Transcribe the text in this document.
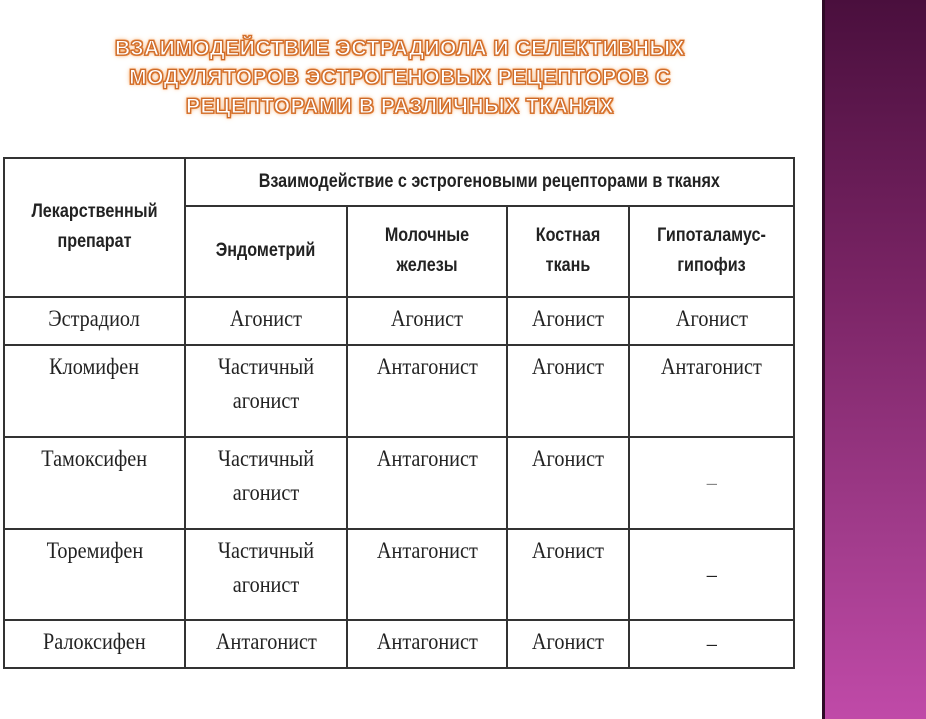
ВЗАИМОДЕЙСТВИЕ ЭСТРАДИОЛА И СЕЛЕКТИВНЫХ
МОДУЛЯТОРОВ ЭСТРОГЕНОВЫХ РЕЦЕПТОРОВ С
РЕЦЕПТОРАМИ В РАЗЛИЧНЫХ ТКАНЯХ
Лекарственный препарат	Взаимодействие с эстрогеновыми рецепторами в тканях			
	Эндометрий	Молочные железы	Костная ткань	Гипоталамус-гипофиз
Эстрадиол	Агонист	Агонист	Агонист	Агонист
Кломифен	Частичный агонист	Антагонист	Агонист	Антагонист
Тамоксифен	Частичный агонист	Антагонист	Агонист	–
Торемифен	Частичный агонист	Антагонист	Агонист	–
Ралоксифен	Антагонист	Антагонист	Агонист	–
